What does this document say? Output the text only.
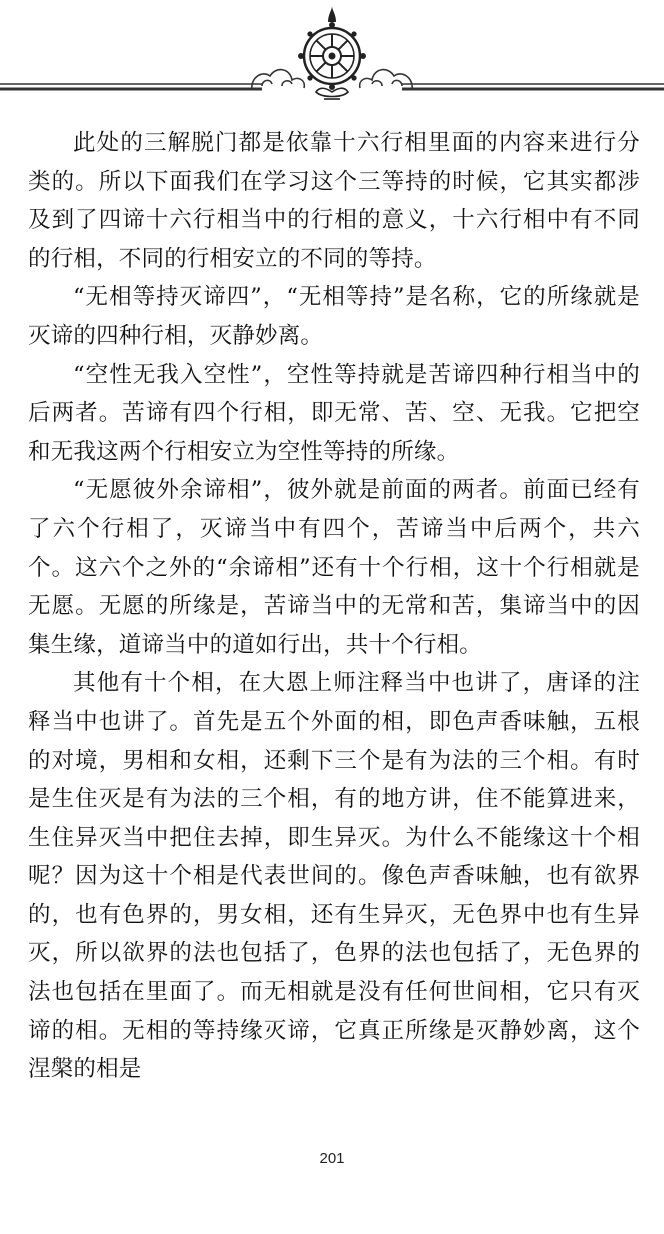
此处的三解脱门都是依靠十六行相里面的内容来进行分类的。所以下面我们在学习这个三等持的时候，它其实都涉及到了四谛十六行相当中的行相的意义，十六行相中有不同的行相，不同的行相安立的不同的等持。

“无相等持灭谛四”，“无相等持”是名称，它的所缘就是灭谛的四种行相，灭静妙离。

“空性无我入空性”，空性等持就是苦谛四种行相当中的后两者。苦谛有四个行相，即无常、苦、空、无我。它把空和无我这两个行相安立为空性等持的所缘。

“无愿彼外余谛相”，彼外就是前面的两者。前面已经有了六个行相了，灭谛当中有四个，苦谛当中后两个，共六个。这六个之外的“余谛相”还有十个行相，这十个行相就是无愿。无愿的所缘是，苦谛当中的无常和苦，集谛当中的因集生缘，道谛当中的道如行出，共十个行相。

其他有十个相，在大恩上师注释当中也讲了，唐译的注释当中也讲了。首先是五个外面的相，即色声香味触，五根的对境，男相和女相，还剩下三个是有为法的三个相。有时是生住灭是有为法的三个相，有的地方讲，住不能算进来，生住异灭当中把住去掉，即生异灭。为什么不能缘这十个相呢？因为这十个相是代表世间的。像色声香味触，也有欲界的，也有色界的，男女相，还有生异灭，无色界中也有生异灭，所以欲界的法也包括了，色界的法也包括了，无色界的法也包括在里面了。而无相就是没有任何世间相，它只有灭谛的相。无相的等持缘灭谛，它真正所缘是灭静妙离，这个涅槃的相是

201
